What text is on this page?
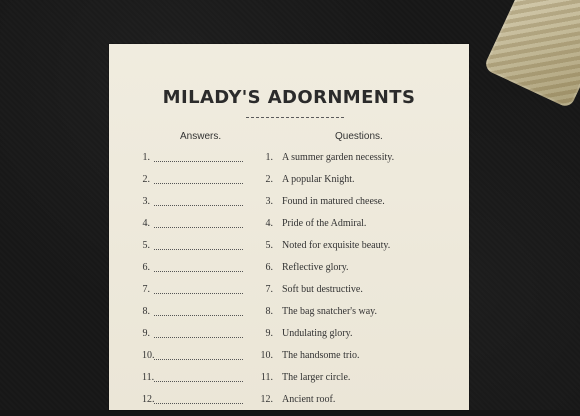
MILADY'S ADORNMENTS
Answers.	Questions.
1.	1. A summer garden necessity.
2.	2. A popular Knight.
3.	3. Found in matured cheese.
4.	4. Pride of the Admiral.
5.	5. Noted for exquisite beauty.
6.	6. Reflective glory.
7.	7. Soft but destructive.
8.	8. The bag snatcher's way.
9.	9. Undulating glory.
10.	10. The handsome trio.
11.	11. The larger circle.
12.	12. Ancient roof.
